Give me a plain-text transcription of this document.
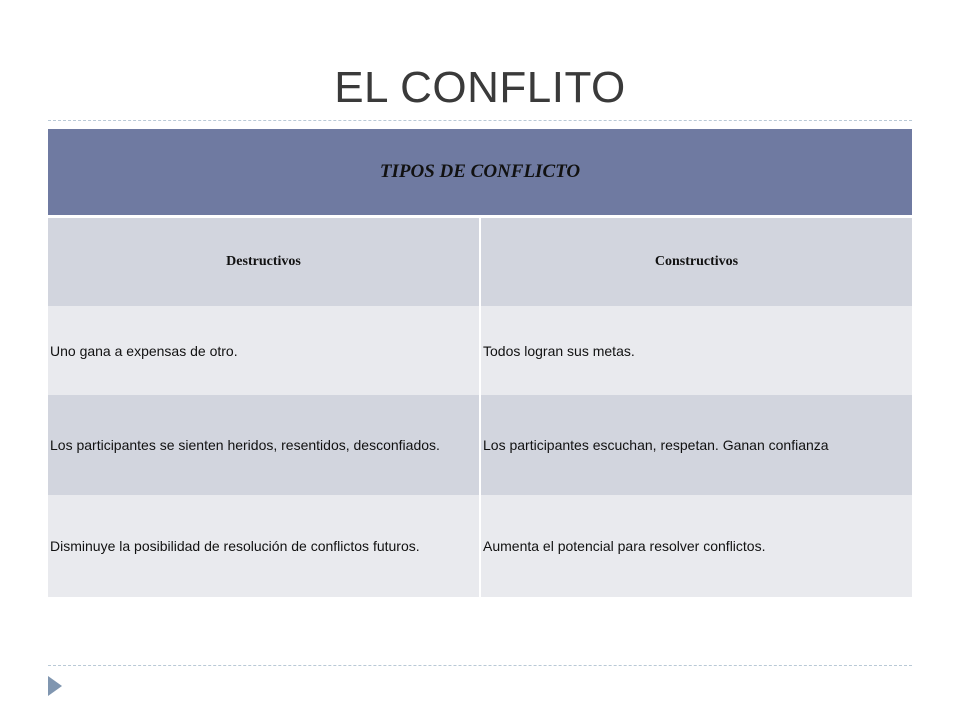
EL CONFLITO
TIPOS DE CONFLICTO	
Destructivos	Constructivos
Uno gana a expensas de otro.	Todos logran sus metas.
Los participantes se sienten heridos, resentidos, desconfiados.	Los participantes escuchan, respetan. Ganan confianza
Disminuye la posibilidad de resolución de conflictos futuros.	Aumenta el potencial para resolver conflictos.
